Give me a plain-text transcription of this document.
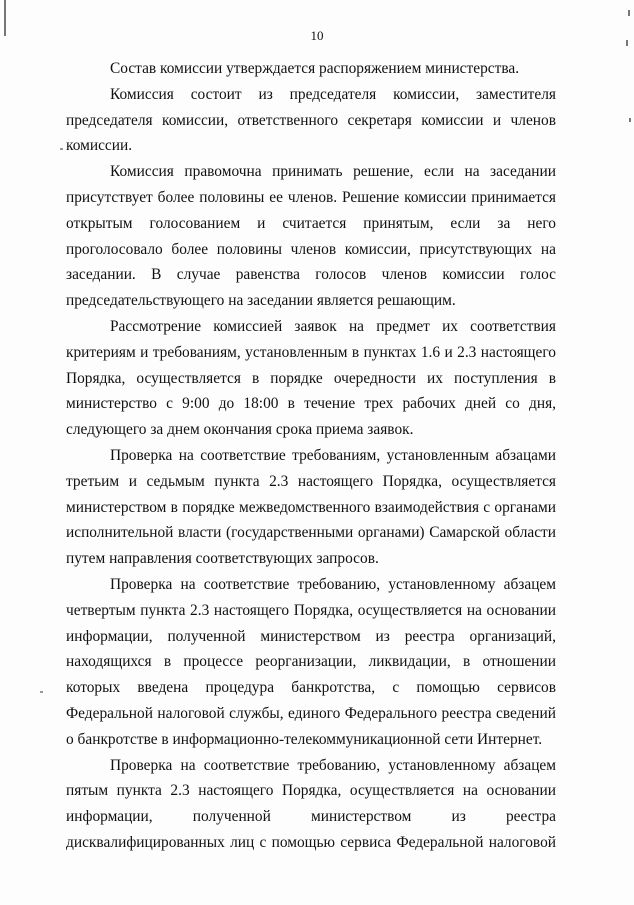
10

Состав комиссии утверждается распоряжением министерства.

Комиссия состоит из председателя комиссии, заместителя председателя комиссии, ответственного секретаря комиссии и членов комиссии.

Комиссия правомочна принимать решение, если на заседании присутствует более половины ее членов. Решение комиссии принимается открытым голосованием и считается принятым, если за него проголосовало более половины членов комиссии, присутствующих на заседании. В случае равенства голосов членов комиссии голос председательствующего на заседании является решающим.

Рассмотрение комиссией заявок на предмет их соответствия критериям и требованиям, установленным в пунктах 1.6 и 2.3 настоящего Порядка, осуществляется в порядке очередности их поступления в министерство с 9:00 до 18:00 в течение трех рабочих дней со дня, следующего за днем окончания срока приема заявок.

Проверка на соответствие требованиям, установленным абзацами третьим и седьмым пункта 2.3 настоящего Порядка, осуществляется министерством в порядке межведомственного взаимодействия с органами исполнительной власти (государственными органами) Самарской области путем направления соответствующих запросов.

Проверка на соответствие требованию, установленному абзацем четвертым пункта 2.3 настоящего Порядка, осуществляется на основании информации, полученной министерством из реестра организаций, находящихся в процессе реорганизации, ликвидации, в отношении которых введена процедура банкротства, с помощью сервисов Федеральной налоговой службы, единого Федерального реестра сведений о банкротстве в информационно-телекоммуникационной сети Интернет.

Проверка на соответствие требованию, установленному абзацем пятым пункта 2.3 настоящего Порядка, осуществляется на основании информации, полученной министерством из реестра дисквалифицированных лиц с помощью сервиса Федеральной налоговой
